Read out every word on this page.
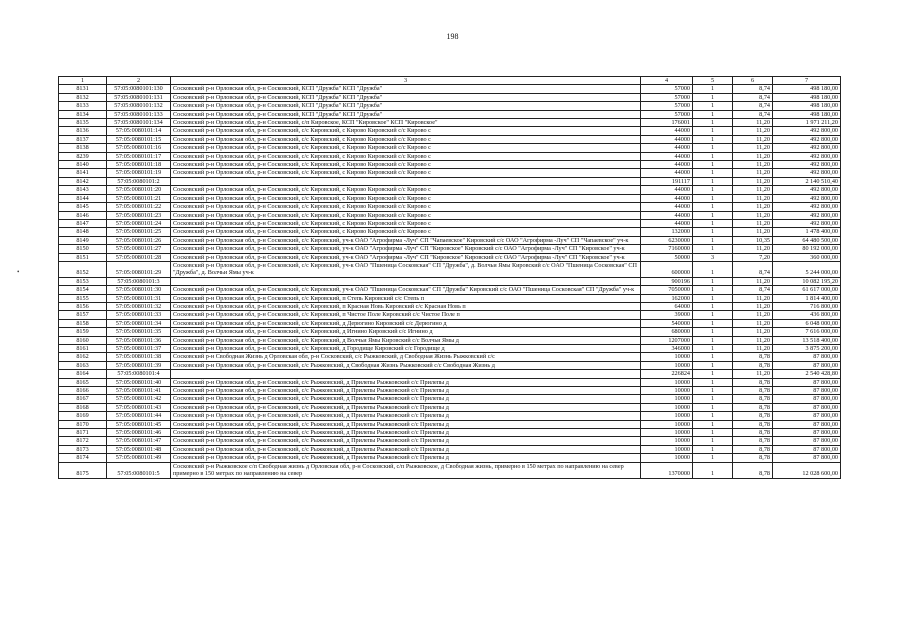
198
•
1	2	3	4	5	6	7
8131	57:05:0080101:130	Сосковский р-н Орловская обл, р-н Сосковский, КСП "Дружба" КСП "Дружба"	57000	1	8,74	498 180,00
8132	57:05:0080101:131	Сосковский р-н Орловская обл, р-н Сосковский, КСП "Дружба" КСП "Дружба"	57000	1	8,74	498 180,00
8133	57:05:0080101:132	Сосковский р-н Орловская обл, р-н Сосковский, КСП "Дружба" КСП "Дружба"	57000	1	8,74	498 180,00
8134	57:05:0080101:133	Сосковский р-н Орловская обл, р-н Сосковский, КСП "Дружба" КСП "Дружба"	57000	1	8,74	498 180,00
8135	57:05:0080101:134	Сосковский р-н Орловская обл, р-н Сосковский, с/п Кировское, КСП "Кировское" КСП "Кировское"	176001	1	11,20	1 971 211,20
8136	57:05:0080101:14	Сосковский р-н Орловская обл, р-н Сосковский, с/с Кировский, с Кирово Кировский с/с Кирово с	44000	1	11,20	492 800,00
8137	57:05:0080101:15	Сосковский р-н Орловская обл, р-н Сосковский, с/с Кировский, с Кирово Кировский с/с Кирово с	44000	1	11,20	492 800,00
8138	57:05:0080101:16	Сосковский р-н Орловская обл, р-н Сосковский, с/с Кировский, с Кирово Кировский с/с Кирово с	44000	1	11,20	492 800,00
8239	57:05:0080101:17	Сосковский р-н Орловская обл, р-н Сосковский, с/с Кировский, с Кирово Кировский с/с Кирово с	44000	1	11,20	492 800,00
8140	57:05:0080101:18	Сосковский р-н Орловская обл, р-н Сосковский, с/с Кировский, с Кирово Кировский с/с Кирово с	44000	1	11,20	492 800,00
8141	57:05:0080101:19	Сосковский р-н Орловская обл, р-н Сосковский, с/с Кировский, с Кирово Кировский с/с Кирово с	44000	1	11,20	492 800,00
8142	57:05:0080101:2		191117	1	11,20	2 140 510,40
8143	57:05:0080101:20	Сосковский р-н Орловская обл, р-н Сосковский, с/с Кировский, с Кирово Кировский с/с Кирово с	44000	1	11,20	492 800,00
8144	57:05:0080101:21	Сосковский р-н Орловская обл, р-н Сосковский, с/с Кировский, с Кирово Кировский с/с Кирово с	44000	1	11,20	492 800,00
8145	57:05:0080101:22	Сосковский р-н Орловская обл, р-н Сосковский, с/с Кировский, с Кирово Кировский с/с Кирово с	44000	1	11,20	492 800,00
8146	57:05:0080101:23	Сосковский р-н Орловская обл, р-н Сосковский, с/с Кировский, с Кирово Кировский с/с Кирово с	44000	1	11,20	492 800,00
8147	57:05:0080101:24	Сосковский р-н Орловская обл, р-н Сосковский, с/с Кировский, с Кирово Кировский с/с Кирово с	44000	1	11,20	492 800,00
8148	57:05:0080101:25	Сосковский р-н Орловская обл, р-н Сосковский, с/с Кировский, с Кирово Кировский с/с Кирово с	132000	1	11,20	1 478 400,00
8149	57:05:0080101:26	Сосковский р-н Орловская обл, р-н Сосковский, с/с Кировский, уч-к ОАО "Агрофирма -Луч" СП "Чапаевское" Кировский с/с ОАО "Агрофирма -Луч" СП "Чапаевское" уч-к	6230000	1	10,35	64 480 500,00
8150	57:05:0080101:27	Сосковский р-н Орловская обл, р-н Сосковский, с/с Кировский, уч-к ОАО "Агрофирма -Луч" СП "Кировское" Кировский с/с ОАО "Агрофирма -Луч" СП "Кировское" уч-к	7160000	1	11,20	80 192 000,00
8151	57:05:0080101:28	Сосковский р-н Орловская обл, р-н Сосковский, с/с Кировский, уч-к ОАО "Агрофирма -Луч" СП "Кировское" Кировский с/с ОАО "Агрофирма -Луч" СП "Кировское" уч-к	50000	3	7,20	360 000,00
8152	57:05:0080101:29	Сосковский р-н Орловская обл, р-н Сосковский, с/с Кировский, уч-к ОАО "Пшеница Сосковская" СП "Дружба", д. Волчьи Ямы Кировский с/с ОАО "Пшеница Сосковская" СП "Дружба", д. Волчьи Ямы уч-к	600000	1	8,74	5 244 000,00
8153	57:05:0080101:3		900196	1	11,20	10 082 195,20
8154	57:05:0080101:30	Сосковский р-н Орловская обл, р-н Сосковский, с/с Кировский, уч-к ОАО "Пшеница Сосковская" СП "Дружба" Кировский с/с ОАО "Пшеница Сосковская" СП "Дружба" уч-к	7050000	1	8,74	61 617 000,00
8155	57:05:0080101:31	Сосковский р-н Орловская обл, р-н Сосковский, с/с Кировский, п Степь Кировский с/с Степь п	162000	1	11,20	1 814 400,00
8156	57:05:0080101:32	Сосковский р-н Орловская обл, р-н Сосковский, с/с Кировский, п Красная Новь Кировский с/с Красная Новь п	64000	1	11,20	716 800,00
8157	57:05:0080101:33	Сосковский р-н Орловская обл, р-н Сосковский, с/с Кировский, п Чистое Поле Кировский с/с Чистое Поле п	39000	1	11,20	436 800,00
8158	57:05:0080101:34	Сосковский р-н Орловская обл, р-н Сосковский, с/с Кировский, д Дерюгино Кировский с/с Дерюгино д	540000	1	11,20	6 048 000,00
8159	57:05:0080101:35	Сосковский р-н Орловская обл, р-н Сосковский, с/с Кировский, д Игнино Кировский с/с Игнино д	680000	1	11,20	7 616 000,00
8160	57:05:0080101:36	Сосковский р-н Орловская обл, р-н Сосковский, с/с Кировский, д Волчьи Ямы Кировский с/с Волчьи Ямы д	1207000	1	11,20	13 518 400,00
8161	57:05:0080101:37	Сосковский р-н Орловская обл, р-н Сосковский, с/с Кировский, д Городище Кировский с/с Городище д	346000	1	11,20	3 875 200,00
8162	57:05:0080101:38	Сосковский р-н Свободная Жизнь д Орловская обл, р-н Сосковский, с/с Рыжковский, д Свободная Жизнь Рыжковский с/с	10000	1	8,78	87 800,00
8163	57:05:0080101:39	Сосковский р-н Орловская обл, р-н Сосковский, с/с Рыжковский, д Свободная Жизнь Рыжковский с/с Свободная Жизнь д	10000	1	8,78	87 800,00
8164	57:05:0080101:4		226824	1	11,20	2 540 428,80
8165	57:05:0080101:40	Сосковский р-н Орловская обл, р-н Сосковский, с/с Рыжковский, д Прилепы Рыжковский с/с Прилепы д	10000	1	8,78	87 800,00
8166	57:05:0080101:41	Сосковский р-н Орловская обл, р-н Сосковский, с/с Рыжковский, д Прилепы Рыжковский с/с Прилепы д	10000	1	8,78	87 800,00
8167	57:05:0080101:42	Сосковский р-н Орловская обл, р-н Сосковский, с/с Рыжковский, д Прилепы Рыжковский с/с Прилепы д	10000	1	8,78	87 800,00
8168	57:05:0080101:43	Сосковский р-н Орловская обл, р-н Сосковский, с/с Рыжковский, д Прилепы Рыжковский с/с Прилепы д	10000	1	8,78	87 800,00
8169	57:05:0080101:44	Сосковский р-н Орловская обл, р-н Сосковский, с/с Рыжковский, д Прилепы Рыжковский с/с Прилепы д	10000	1	8,78	87 800,00
8170	57:05:0080101:45	Сосковский р-н Орловская обл, р-н Сосковский, с/с Рыжковский, д Прилепы Рыжковский с/с Прилепы д	10000	1	8,78	87 800,00
8171	57:05:0080101:46	Сосковский р-н Орловская обл, р-н Сосковский, с/с Рыжковский, д Прилепы Рыжковский с/с Прилепы д	10000	1	8,78	87 800,00
8172	57:05:0080101:47	Сосковский р-н Орловская обл, р-н Сосковский, с/с Рыжковский, д Прилепы Рыжковский с/с Прилепы д	10000	1	8,78	87 800,00
8173	57:05:0080101:48	Сосковский р-н Орловская обл, р-н Сосковский, с/с Рыжковский, д Прилепы Рыжковский с/с Прилепы д	10000	1	8,78	87 800,00
8174	57:05:0080101:49	Сосковский р-н Орловская обл, р-н Сосковский, с/с Рыжковский, д Прилепы Рыжковский с/с Прилепы д	10000	1	8,78	87 800,00
8175	57:05:0080101:5	Сосковский р-н Рыжковское с/п Свободная жизнь д Орловская обл, р-н Сосковский, с/п Рыжковское, д Свободная жизнь, примерно в 150 метрах по направлению на север примерно в 150 метрах по направлению на север	1370000	1	8,78	12 028 600,00
